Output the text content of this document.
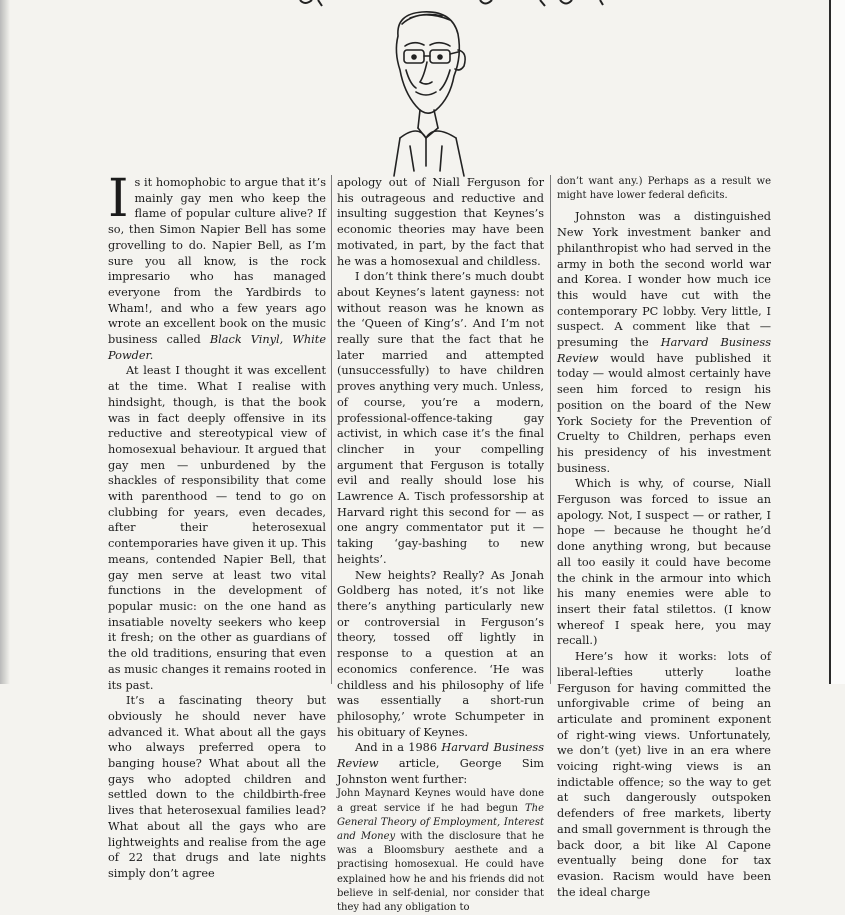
Is it homophobic to argue that it’s mainly gay men who keep the flame of popular culture alive? If so, then Simon Napier Bell has some grovelling to do. Napier Bell, as I’m sure you all know, is the rock impresario who has managed everyone from the Yardbirds to Wham!, and who a few years ago wrote an excellent book on the music business called Black Vinyl, White Powder.

At least I thought it was excellent at the time. What I realise with hindsight, though, is that the book was in fact deeply offensive in its reductive and stereotypical view of homosexual behaviour. It argued that gay men — unburdened by the shackles of responsibility that come with parenthood — tend to go on clubbing for years, even decades, after their heterosexual contemporaries have given it up. This means, contended Napier Bell, that gay men serve at least two vital functions in the development of popular music: on the one hand as insatiable novelty seekers who keep it fresh; on the other as guardians of the old traditions, ensuring that even as music changes it remains rooted in its past.

It’s a fascinating theory but obviously he should never have advanced it. What about all the gays who always preferred opera to banging house? What about all the gays who adopted children and settled down to the childbirth-free lives that heterosexual families lead? What about all the gays who are lightweights and realise from the age of 22 that drugs and late nights simply don’t agree

apology out of Niall Ferguson for his outrageous and reductive and insulting suggestion that Keynes’s economic theories may have been motivated, in part, by the fact that he was a homosexual and childless.

I don’t think there’s much doubt about Keynes’s latent gayness: not without reason was he known as the ‘Queen of King’s’. And I’m not really sure that the fact that he later married and attempted (unsuccessfully) to have children proves anything very much. Unless, of course, you’re a modern, professional-offence-taking gay activist, in which case it’s the final clincher in your compelling argument that Ferguson is totally evil and really should lose his Lawrence A. Tisch professorship at Harvard right this second for — as one angry commentator put it — taking ‘gay-bashing to new heights’.

New heights? Really? As Jonah Goldberg has noted, it’s not like there’s anything particularly new or controversial in Ferguson’s theory, tossed off lightly in response to a question at an economics conference. ‘He was childless and his philosophy of life was essentially a short-run philosophy,’ wrote Schumpeter in his obituary of Keynes.

And in a 1986 Harvard Business Review article, George Sim Johnston went further:

John Maynard Keynes would have done a great service if he had begun The General Theory of Employment, Interest and Money with the disclosure that he was a Bloomsbury aesthete and a practising homosexual. He could have explained how he and his friends did not believe in self-denial, nor consider that they had any obligation to

don’t want any.) Perhaps as a result we might have lower federal deficits.

Johnston was a distinguished New York investment banker and philanthropist who had served in the army in both the second world war and Korea. I wonder how much ice this would have cut with the contemporary PC lobby. Very little, I suspect. A comment like that — presuming the Harvard Business Review would have published it today — would almost certainly have seen him forced to resign his position on the board of the New York Society for the Prevention of Cruelty to Children, perhaps even his presidency of his investment business.

Which is why, of course, Niall Ferguson was forced to issue an apology. Not, I suspect — or rather, I hope — because he thought he’d done anything wrong, but because all too easily it could have become the chink in the armour into which his many enemies were able to insert their fatal stilettos. (I know whereof I speak here, you may recall.)

Here’s how it works: lots of liberal-lefties utterly loathe Ferguson for having committed the unforgivable crime of being an articulate and prominent exponent of right-wing views. Unfortunately, we don’t (yet) live in an era where voicing right-wing views is an indictable offence; so the way to get at such dangerously outspoken defenders of free markets, liberty and small government is through the back door, a bit like Al Capone eventually being done for tax evasion. Racism would have been the ideal charge
